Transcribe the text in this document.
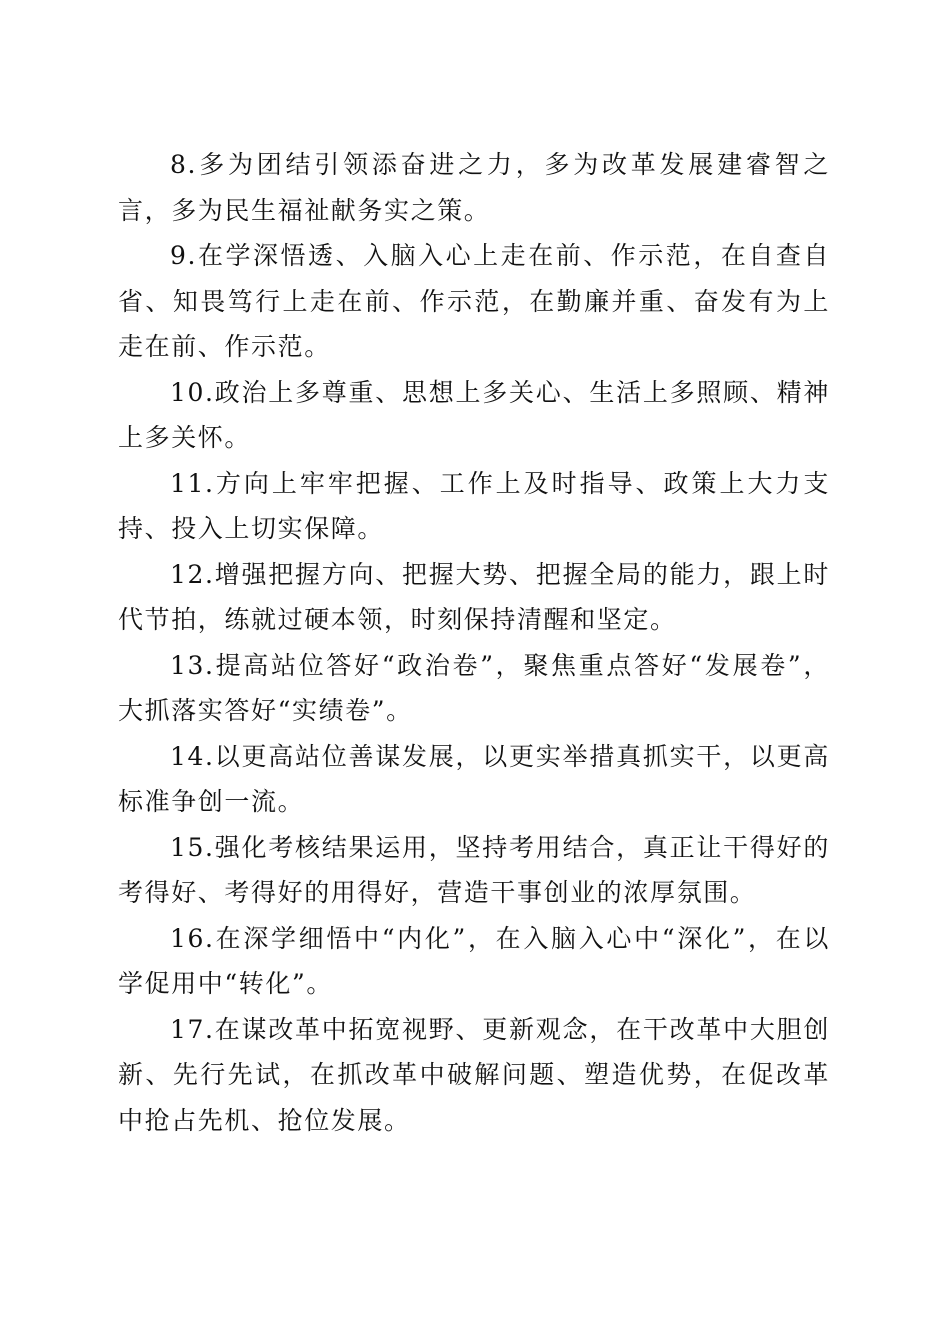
8.多为团结引领添奋进之力，多为改革发展建睿智之言，多为民生福祉献务实之策。

9.在学深悟透、入脑入心上走在前、作示范，在自查自省、知畏笃行上走在前、作示范，在勤廉并重、奋发有为上走在前、作示范。

10.政治上多尊重、思想上多关心、生活上多照顾、精神上多关怀。

11.方向上牢牢把握、工作上及时指导、政策上大力支持、投入上切实保障。

12.增强把握方向、把握大势、把握全局的能力，跟上时代节拍，练就过硬本领，时刻保持清醒和坚定。

13.提高站位答好“政治卷”，聚焦重点答好“发展卷”，大抓落实答好“实绩卷”。

14.以更高站位善谋发展，以更实举措真抓实干，以更高标准争创一流。

15.强化考核结果运用，坚持考用结合，真正让干得好的考得好、考得好的用得好，营造干事创业的浓厚氛围。

16.在深学细悟中“内化”，在入脑入心中“深化”，在以学促用中“转化”。

17.在谋改革中拓宽视野、更新观念，在干改革中大胆创新、先行先试，在抓改革中破解问题、塑造优势，在促改革中抢占先机、抢位发展。
